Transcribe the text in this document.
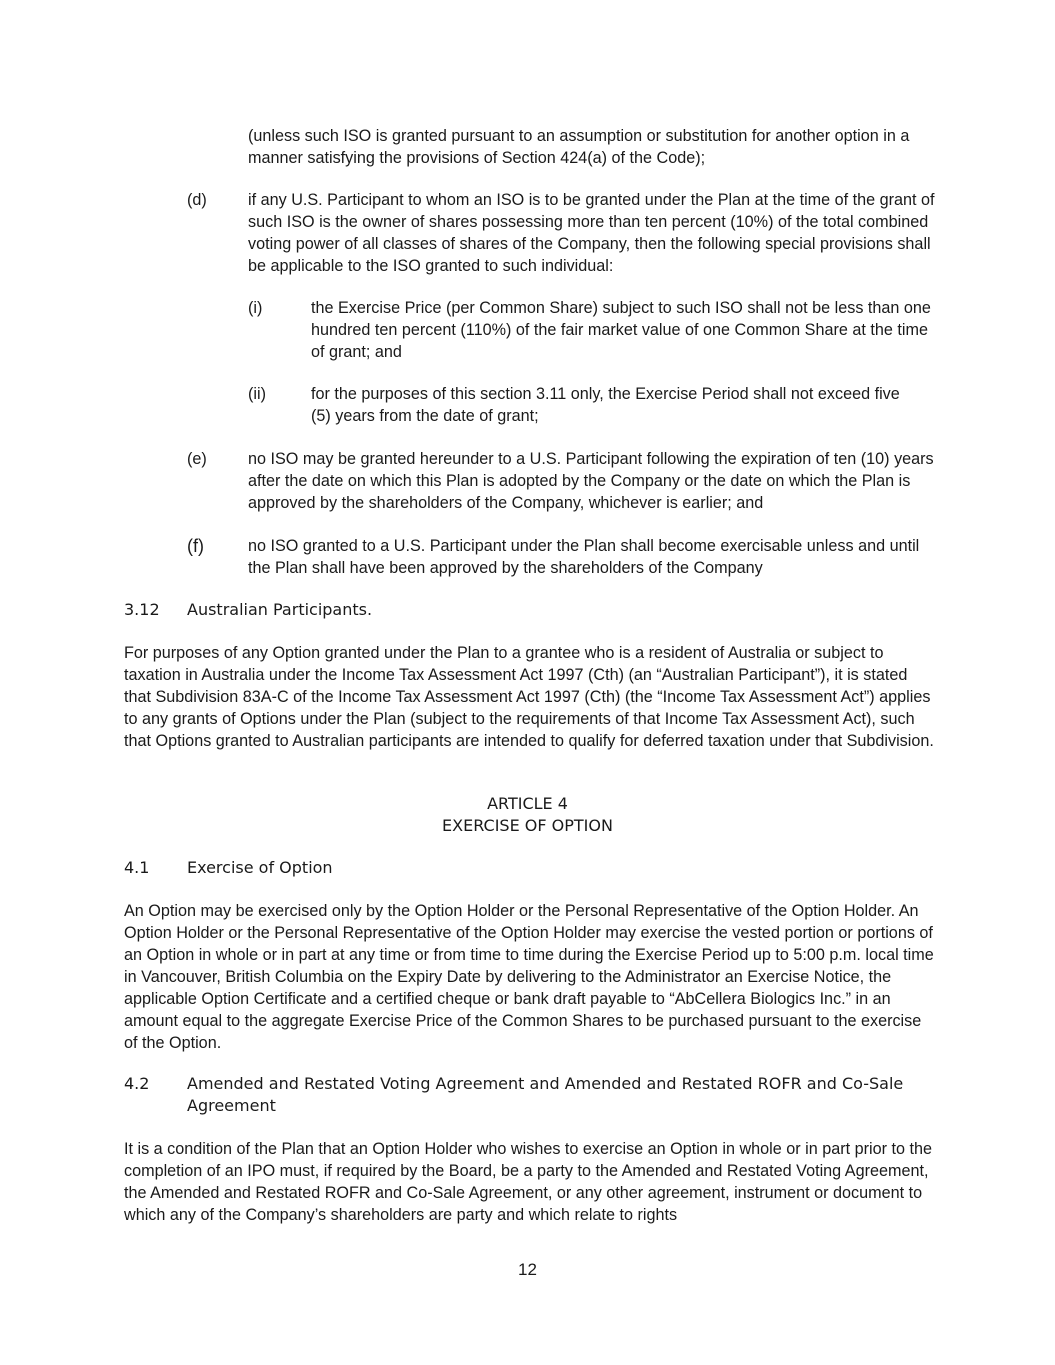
(unless such ISO is granted pursuant to an assumption or substitution for another option in a manner satisfying the provisions of Section 424(a) of the Code);

(d)	if any U.S. Participant to whom an ISO is to be granted under the Plan at the time of the grant of such ISO is the owner of shares possessing more than ten percent (10%) of the total combined voting power of all classes of shares of the Company, then the following special provisions shall be applicable to the ISO granted to such individual:

(i)	the Exercise Price (per Common Share) subject to such ISO shall not be less than one hundred ten percent (110%) of the fair market value of one Common Share at the time of grant; and

(ii)	for the purposes of this section 3.11 only, the Exercise Period shall not exceed five (5) years from the date of grant;

(e)	no ISO may be granted hereunder to a U.S. Participant following the expiration of ten (10) years after the date on which this Plan is adopted by the Company or the date on which the Plan is approved by the shareholders of the Company, whichever is earlier; and

(f)	no ISO granted to a U.S. Participant under the Plan shall become exercisable unless and until the Plan shall have been approved by the shareholders of the Company

3.12 Australian Participants.

For purposes of any Option granted under the Plan to a grantee who is a resident of Australia or subject to taxation in Australia under the Income Tax Assessment Act 1997 (Cth) (an “Australian Participant”), it is stated that Subdivision 83A-C of the Income Tax Assessment Act 1997 (Cth) (the “Income Tax Assessment Act”) applies to any grants of Options under the Plan (subject to the requirements of that Income Tax Assessment Act), such that Options granted to Australian participants are intended to qualify for deferred taxation under that Subdivision.

ARTICLE 4

EXERCISE OF OPTION

4.1 Exercise of Option

An Option may be exercised only by the Option Holder or the Personal Representative of the Option Holder. An Option Holder or the Personal Representative of the Option Holder may exercise the vested portion or portions of an Option in whole or in part at any time or from time to time during the Exercise Period up to 5:00 p.m. local time in Vancouver, British Columbia on the Expiry Date by delivering to the Administrator an Exercise Notice, the applicable Option Certificate and a certified cheque or bank draft payable to “AbCellera Biologics Inc.” in an amount equal to the aggregate Exercise Price of the Common Shares to be purchased pursuant to the exercise of the Option.

4.2 Amended and Restated Voting Agreement and Amended and Restated ROFR and Co-Sale Agreement

It is a condition of the Plan that an Option Holder who wishes to exercise an Option in whole or in part prior to the completion of an IPO must, if required by the Board, be a party to the Amended and Restated Voting Agreement, the Amended and Restated ROFR and Co-Sale Agreement, or any other agreement, instrument or document to which any of the Company’s shareholders are party and which relate to rights

12
